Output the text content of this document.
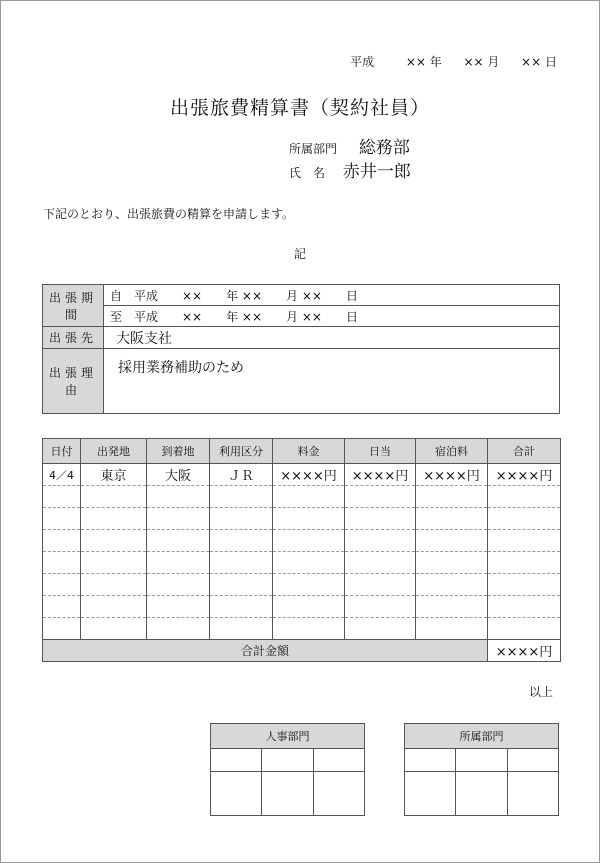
平成	×× 年 ×× 月 ×× 日
出張旅費精算書（契約社員）
所属部門 総務部
氏　名 赤井一郎
下記のとおり、出張旅費の精算を申請します。
記
出張期間	自　平成　　××　　年 ××　　月 ××　　日
	至　平成　　××　　年 ××　　月 ××　　日
出張先	大阪支社
出張理由	採用業務補助のため
日付	出発地	到着地	利用区分	料金	日当	宿泊料	合計
4／4	東京	大阪	ＪＲ	××××円	××××円	××××円	××××円

合計金額							××××円
以上
人事部門		

			所属部門		
